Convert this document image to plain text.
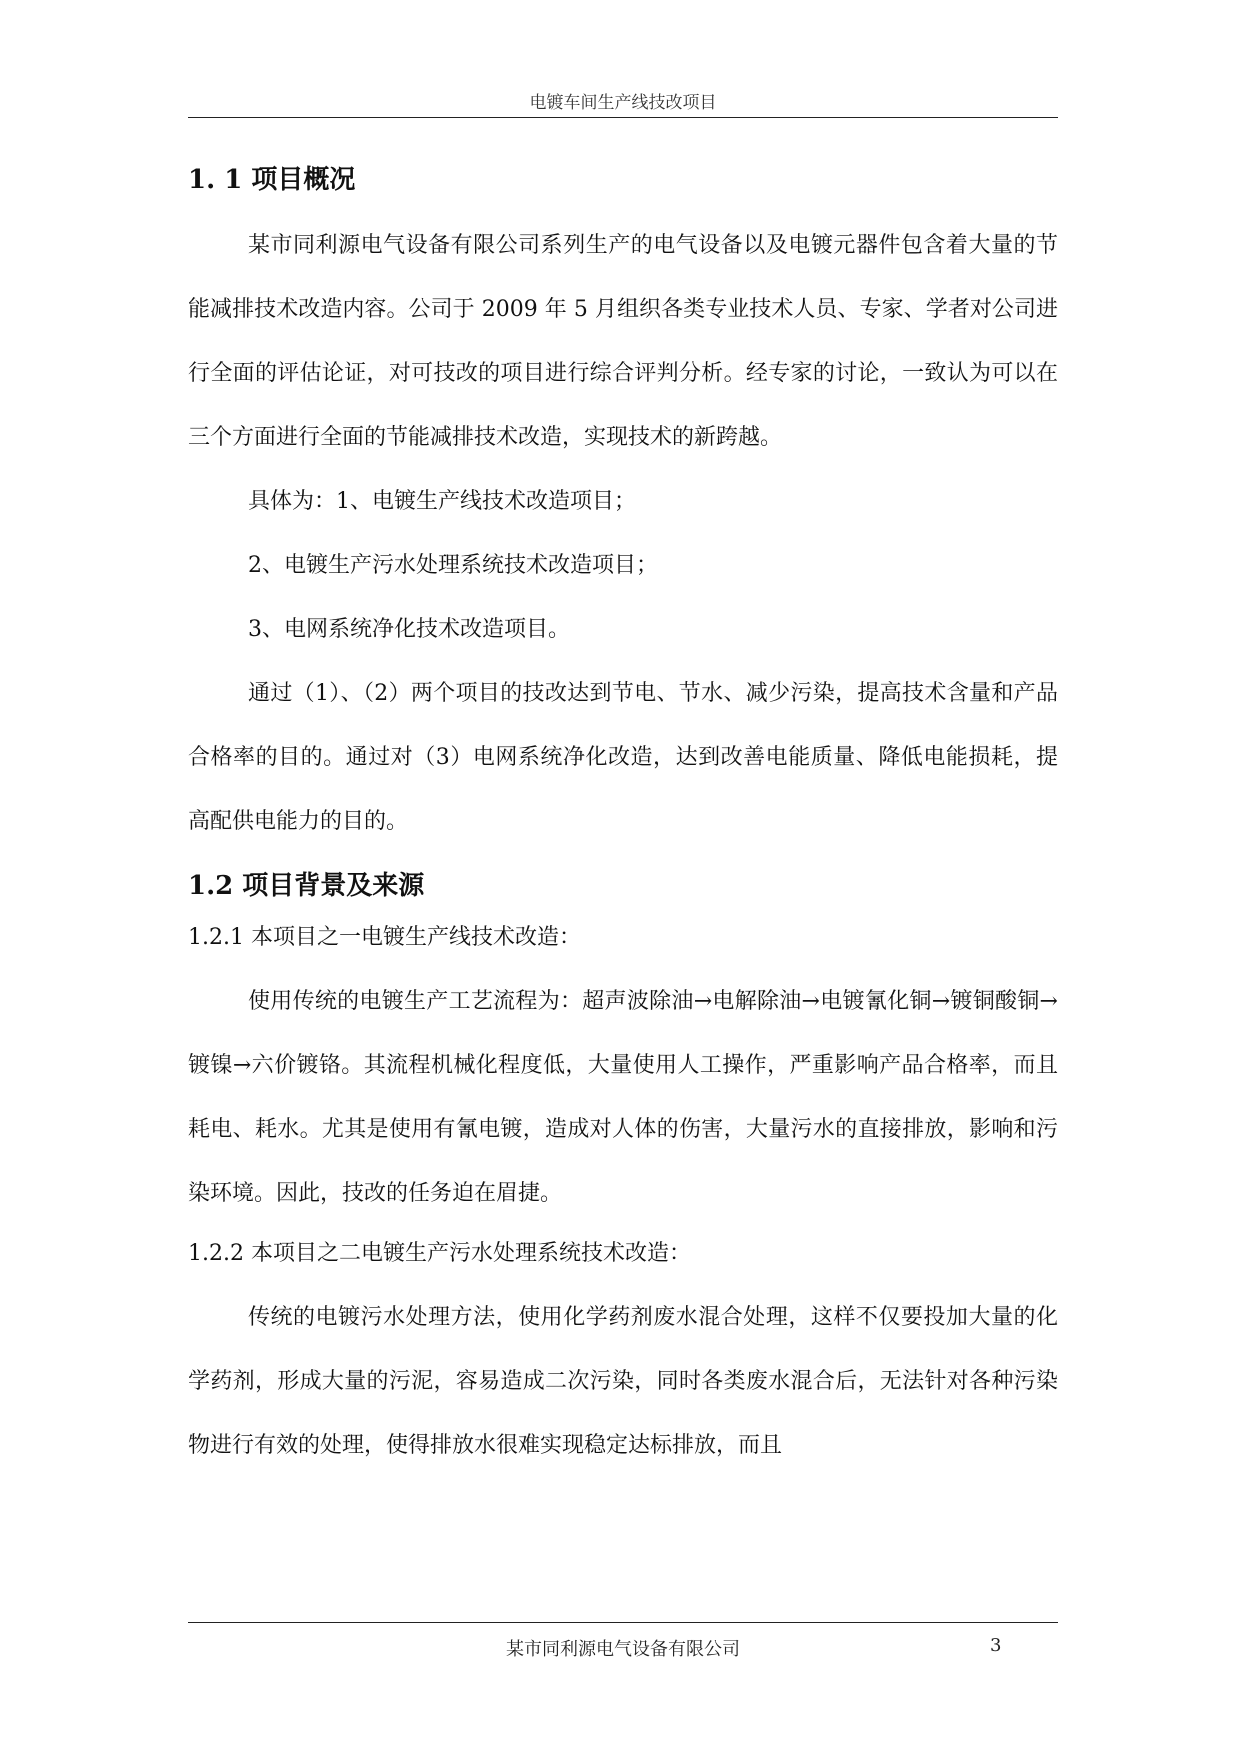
电镀车间生产线技改项目
1. 1 项目概况

某市同利源电气设备有限公司系列生产的电气设备以及电镀元器件包含着大量的节能减排技术改造内容。公司于 2009 年 5 月组织各类专业技术人员、专家、学者对公司进行全面的评估论证，对可技改的项目进行综合评判分析。经专家的讨论，一致认为可以在三个方面进行全面的节能减排技术改造，实现技术的新跨越。

具体为：1、电镀生产线技术改造项目；

2、电镀生产污水处理系统技术改造项目；

3、电网系统净化技术改造项目。

通过（1）、（2）两个项目的技改达到节电、节水、减少污染，提高技术含量和产品合格率的目的。通过对（3）电网系统净化改造，达到改善电能质量、降低电能损耗，提高配供电能力的目的。

1.2 项目背景及来源

1.2.1 本项目之一电镀生产线技术改造：

使用传统的电镀生产工艺流程为：超声波除油→电解除油→电镀氰化铜→镀铜酸铜→镀镍→六价镀铬。其流程机械化程度低，大量使用人工操作，严重影响产品合格率，而且耗电、耗水。尤其是使用有氰电镀，造成对人体的伤害，大量污水的直接排放，影响和污染环境。因此，技改的任务迫在眉捷。

1.2.2 本项目之二电镀生产污水处理系统技术改造：

传统的电镀污水处理方法，使用化学药剂废水混合处理，这样不仅要投加大量的化学药剂，形成大量的污泥，容易造成二次污染，同时各类废水混合后，无法针对各种污染物进行有效的处理，使得排放水很难实现稳定达标排放，而且

某市同利源电气设备有限公司	3
